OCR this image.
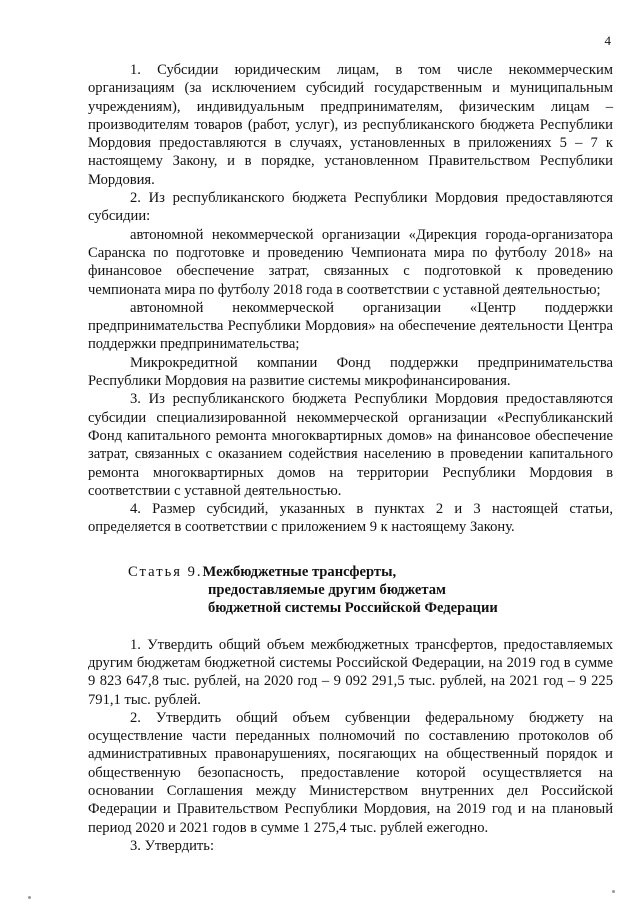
4

1. Субсидии юридическим лицам, в том числе некоммерческим организациям (за исключением субсидий государственным и муниципальным учреждениям), индивидуальным предпринимателям, физическим лицам – производителям товаров (работ, услуг), из республиканского бюджета Республики Мордовия предоставляются в случаях, установленных в приложениях 5 – 7 к настоящему Закону, и в порядке, установленном Правительством Республики Мордовия.

2. Из республиканского бюджета Республики Мордовия предоставляются субсидии:

автономной некоммерческой организации «Дирекция города-организатора Саранска по подготовке и проведению Чемпионата мира по футболу 2018» на финансовое обеспечение затрат, связанных с подготовкой к проведению чемпионата мира по футболу 2018 года в соответствии с уставной деятельностью;

автономной некоммерческой организации «Центр поддержки предпринимательства Республики Мордовия» на обеспечение деятельности Центра поддержки предпринимательства;

Микрокредитной компании Фонд поддержки предпринимательства Республики Мордовия на развитие системы микрофинансирования.

3. Из республиканского бюджета Республики Мордовия предоставляются субсидии специализированной некоммерческой организации «Республиканский Фонд капитального ремонта многоквартирных домов» на финансовое обеспечение затрат, связанных с оказанием содействия населению в проведении капитального ремонта многоквартирных домов на территории Республики Мордовия в соответствии с уставной деятельностью.

4. Размер субсидий, указанных в пунктах 2 и 3 настоящей статьи, определяется в соответствии с приложением 9 к настоящему Закону.

Статья 9. Межбюджетные трансферты,
предоставляемые другим бюджетам
бюджетной системы Российской Федерации

1. Утвердить общий объем межбюджетных трансфертов, предоставляемых другим бюджетам бюджетной системы Российской Федерации, на 2019 год в сумме 9 823 647,8 тыс. рублей, на 2020 год – 9 092 291,5 тыс. рублей, на 2021 год – 9 225 791,1 тыс. рублей.

2. Утвердить общий объем субвенции федеральному бюджету на осуществление части переданных полномочий по составлению протоколов об административных правонарушениях, посягающих на общественный порядок и общественную безопасность, предоставление которой осуществляется на основании Соглашения между Министерством внутренних дел Российской Федерации и Правительством Республики Мордовия, на 2019 год и на плановый период 2020 и 2021 годов в сумме 1 275,4 тыс. рублей ежегодно.

3. Утвердить:
